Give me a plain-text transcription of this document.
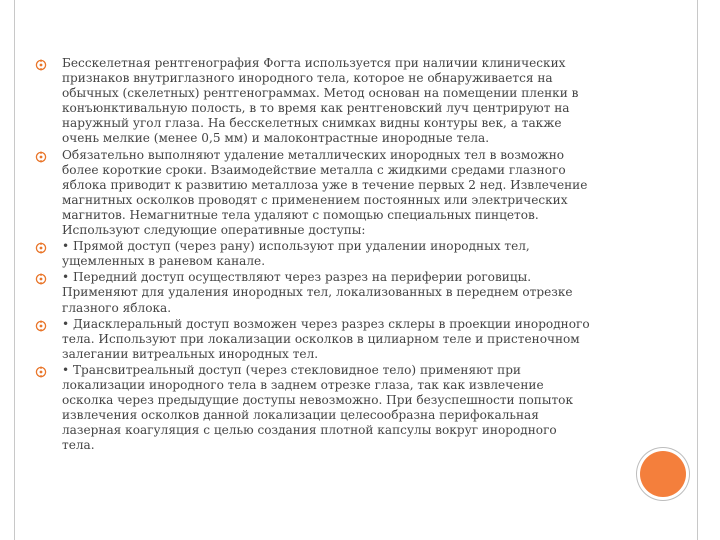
Бесскелетная рентгенография Фогта используется при наличии клинических признаков внутриглазного инородного тела, которое не обнаруживается на обычных (скелетных) рентгенограммах. Метод основан на помещении пленки в конъюнктивальную полость, в то время как рентгеновский луч центрируют на наружный угол глаза. На бесскелетных снимках видны контуры век, а также очень мелкие (менее 0,5 мм) и малоконтрастные инородные тела.
Обязательно выполняют удаление металлических инородных тел в возможно более короткие сроки. Взаимодействие металла с жидкими средами глазного яблока приводит к развитию металлоза уже в течение первых 2 нед. Извлечение магнитных осколков проводят с применением постоянных или электрических магнитов. Немагнитные тела удаляют с помощью специальных пинцетов. Используют следующие оперативные доступы:
• Прямой доступ (через рану) используют при удалении инородных тел, ущемленных в раневом канале.
• Передний доступ осуществляют через разрез на периферии роговицы. Применяют для удаления инородных тел, локализованных в переднем отрезке глазного яблока.
• Диасклеральный доступ возможен через разрез склеры в проекции инородного тела. Используют при локализации осколков в цилиарном теле и пристеночном залегании витреальных инородных тел.
• Трансвитреальный доступ (через стекловидное тело) применяют при локализации инородного тела в заднем отрезке глаза, так как извлечение осколка через предыдущие доступы невозможно. При безуспешности попыток извлечения осколков данной локализации целесообразна перифокальная лазерная коагуляция с целью создания плотной капсулы вокруг инородного тела.
